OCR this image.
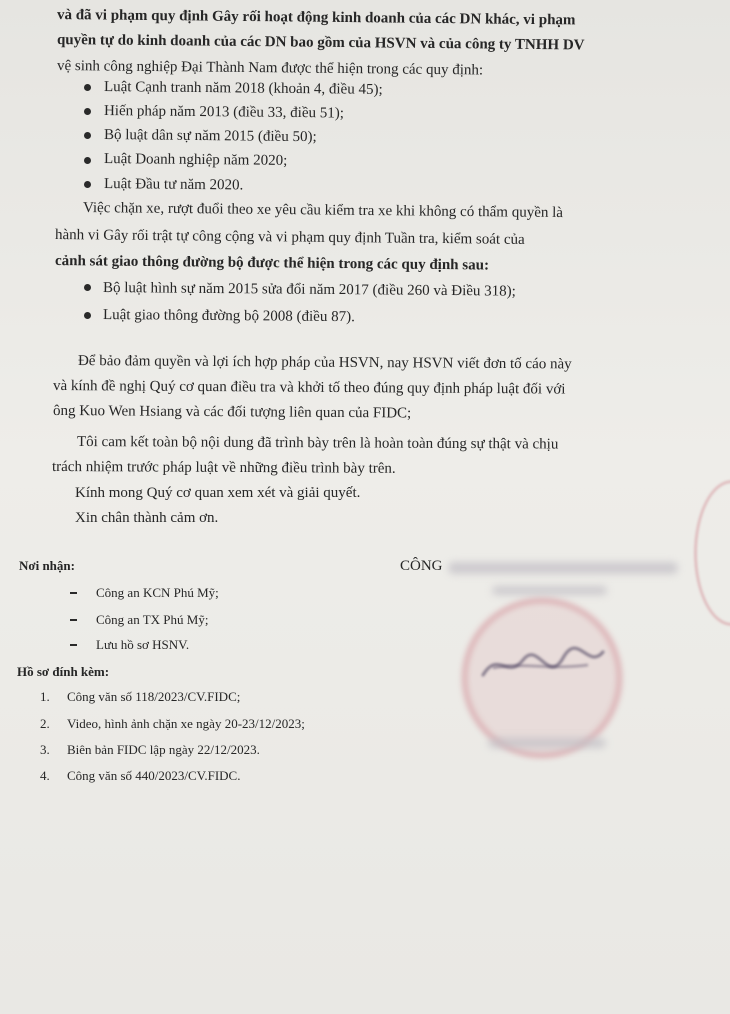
và đã vi phạm quy định Gây rối hoạt động kinh doanh của các DN khác, vi phạm
quyền tự do kinh doanh của các DN bao gồm của HSVN và của công ty TNHH DV
vệ sinh công nghiệp Đại Thành Nam được thể hiện trong các quy định:
Luật Cạnh tranh năm 2018 (khoản 4, điều 45);
Hiến pháp năm 2013 (điều 33, điều 51);
Bộ luật dân sự năm 2015 (điều 50);
Luật Doanh nghiệp năm 2020;
Luật Đầu tư năm 2020.
Việc chặn xe, rượt đuổi theo xe yêu cầu kiểm tra xe khi không có thẩm quyền là
hành vi Gây rối trật tự công cộng và vi phạm quy định Tuần tra, kiểm soát của
cảnh sát giao thông đường bộ được thể hiện trong các quy định sau:
Bộ luật hình sự năm 2015 sửa đổi năm 2017 (điều 260 và Điều 318);
Luật giao thông đường bộ 2008 (điều 87).
Để bảo đảm quyền và lợi ích hợp pháp của HSVN, nay HSVN viết đơn tố cáo này
và kính đề nghị Quý cơ quan điều tra và khởi tố theo đúng quy định pháp luật đối với
ông Kuo Wen Hsiang và các đối tượng liên quan của FIDC;
Tôi cam kết toàn bộ nội dung đã trình bày trên là hoàn toàn đúng sự thật và chịu
trách nhiệm trước pháp luật về những điều trình bày trên.
Kính mong Quý cơ quan xem xét và giải quyết.
Xin chân thành cảm ơn.
Nơi nhận:
Công an KCN Phú Mỹ;
Công an TX Phú Mỹ;
Lưu hồ sơ HSNV.
CÔNG
Hồ sơ đính kèm:
1. Công văn số 118/2023/CV.FIDC;
2. Video, hình ảnh chặn xe ngày 20-23/12/2023;
3. Biên bản FIDC lập ngày 22/12/2023.
4. Công văn số 440/2023/CV.FIDC.
